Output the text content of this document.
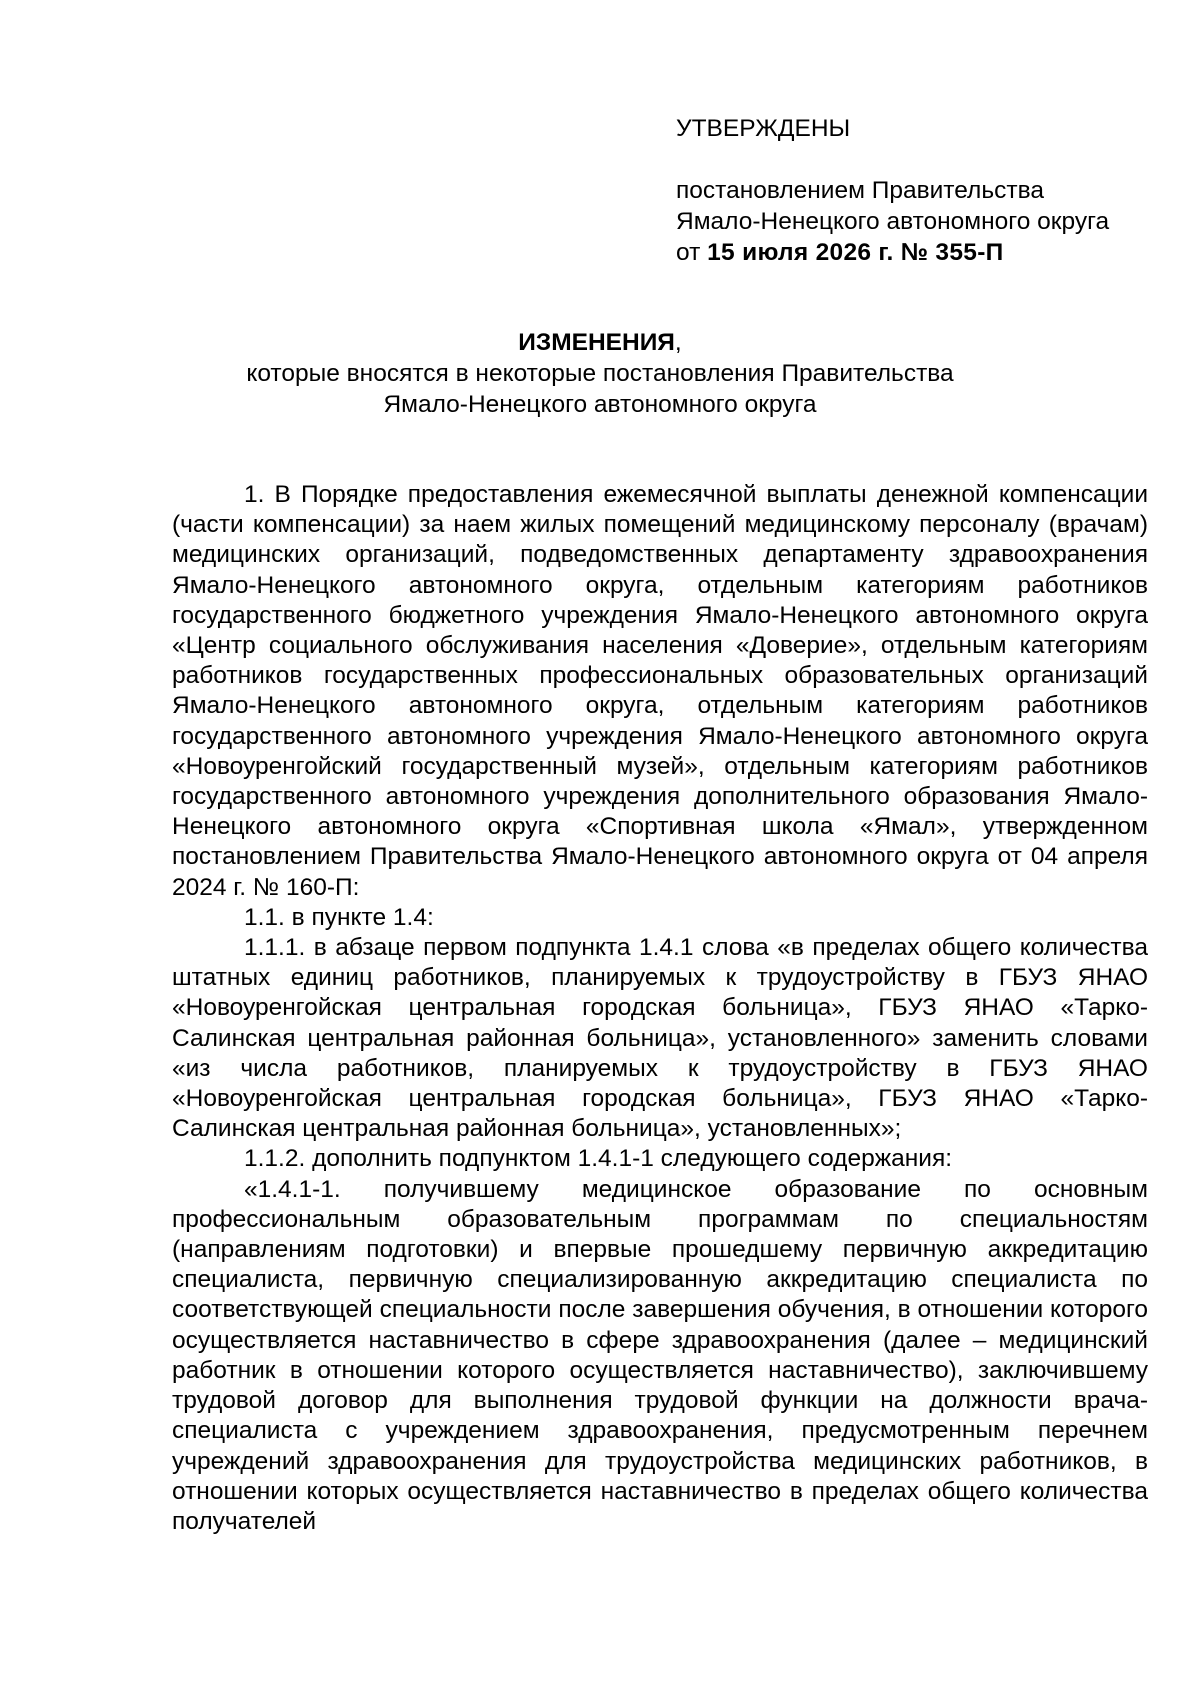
УТВЕРЖДЕНЫ
постановлением Правительства
Ямало-Ненецкого автономного округа
от 15 июля 2026 г. № 355-П
ИЗМЕНЕНИЯ,
которые вносятся в некоторые постановления Правительства
Ямало-Ненецкого автономного округа

1. В Порядке предоставления ежемесячной выплаты денежной компенсации (части компенсации) за наем жилых помещений медицинскому персоналу (врачам) медицинских организаций, подведомственных департаменту здравоохранения Ямало-Ненецкого автономного округа, отдельным категориям работников государственного бюджетного учреждения Ямало-Ненецкого автономного округа «Центр социального обслуживания населения «Доверие», отдельным категориям работников государственных профессиональных образовательных организаций Ямало-Ненецкого автономного округа, отдельным категориям работников государственного автономного учреждения Ямало-Ненецкого автономного округа «Новоуренгойский государственный музей», отдельным категориям работников государственного автономного учреждения дополнительного образования Ямало-Ненецкого автономного округа «Спортивная школа «Ямал», утвержденном постановлением Правительства Ямало-Ненецкого автономного округа от 04 апреля 2024 г. № 160-П:

1.1. в пункте 1.4:

1.1.1. в абзаце первом подпункта 1.4.1 слова «в пределах общего количества штатных единиц работников, планируемых к трудоустройству в ГБУЗ ЯНАО «Новоуренгойская центральная городская больница», ГБУЗ ЯНАО «Тарко-Салинская центральная районная больница», установленного» заменить словами «из числа работников, планируемых к трудоустройству в ГБУЗ ЯНАО «Новоуренгойская центральная городская больница», ГБУЗ ЯНАО «Тарко-Салинская центральная районная больница», установленных»;

1.1.2. дополнить подпунктом 1.4.1-1 следующего содержания:

«1.4.1-1. получившему медицинское образование по основным профессиональным образовательным программам по специальностям (направлениям подготовки) и впервые прошедшему первичную аккредитацию специалиста, первичную специализированную аккредитацию специалиста по соответствующей специальности после завершения обучения, в отношении которого осуществляется наставничество в сфере здравоохранения (далее – медицинский работник в отношении которого осуществляется наставничество), заключившему трудовой договор для выполнения трудовой функции на должности врача-специалиста с учреждением здравоохранения, предусмотренным перечнем учреждений здравоохранения для трудоустройства медицинских работников, в отношении которых осуществляется наставничество в пределах общего количества получателей
